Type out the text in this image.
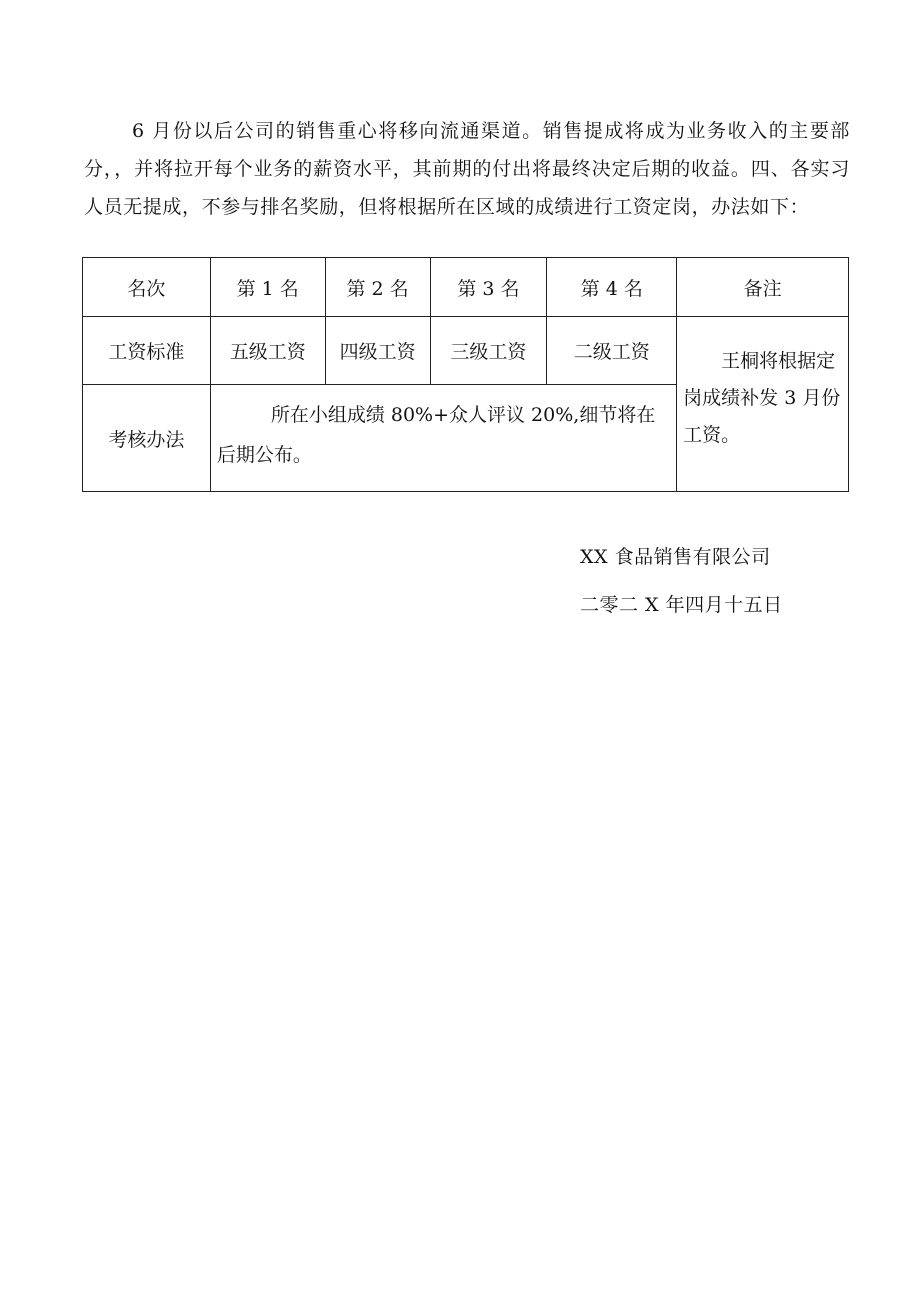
6 月份以后公司的销售重心将移向流通渠道。销售提成将成为业务收入的主要部分，，并将拉开每个业务的薪资水平，其前期的付出将最终决定后期的收益。四、各实习人员无提成，不参与排名奖励，但将根据所在区域的成绩进行工资定岗，办法如下：

名次	第 1 名	第 2 名	第 3 名	第 4 名	备注
工资标准	五级工资	四级工资	三级工资	二级工资	王桐将根据定岗成绩补发 3 月份工资。
考核办法	所在小组成绩 80%+众人评议 20%,细节将在后期公布。				
XX 食品销售有限公司
二零二 X 年四月十五日
